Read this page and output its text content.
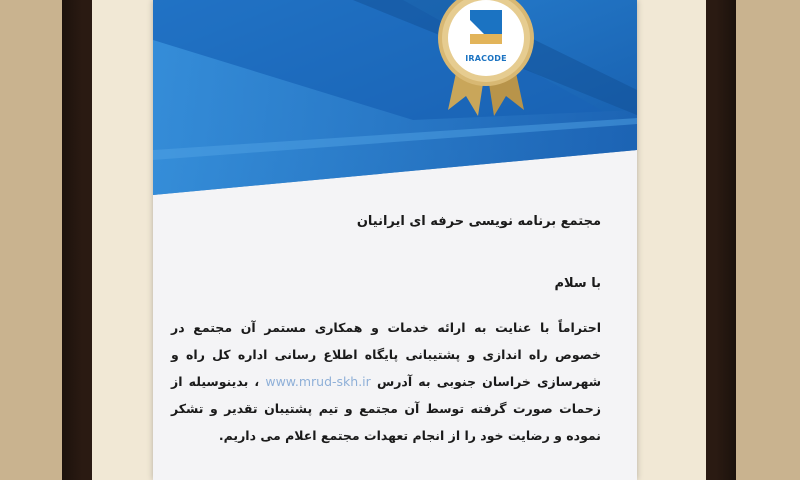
IRACODE
مجتمع برنامه نویسی حرفه ای ایرانیان
با سلام
احتراماً با عنایت به ارائه خدمات و همکاری مستمر آن مجتمع در خصوص راه اندازی و پشتیبانی پایگاه اطلاع رسانی اداره کل راه و شهرسازی خراسان جنوبی به آدرس www.mrud-skh.ir ، بدینوسیله از زحمات صورت گرفته توسط آن مجتمع و تیم پشتیبان تقدیر و تشکر نموده و رضایت خود را از انجام تعهدات مجتمع اعلام می داریم.
